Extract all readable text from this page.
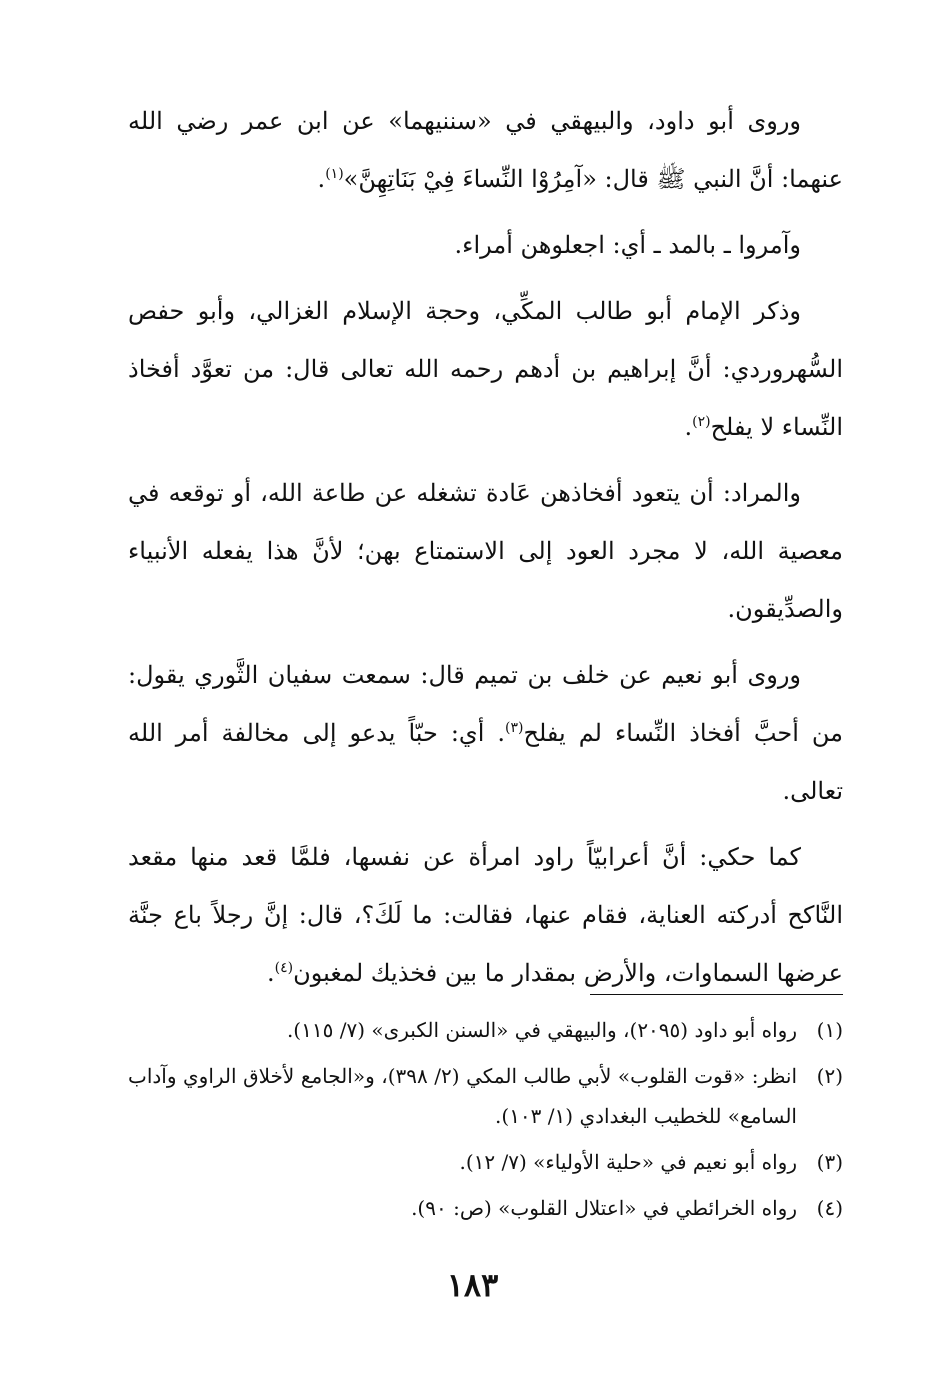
وروى أبو داود، والبيهقي في «سننيهما» عن ابن عمر رضي الله عنهما: أنَّ النبي ﷺ قال: «آمِرُوْا النِّساءَ فِيْ بَنَاتِهِنَّ»$^{(١)}$.

وآمروا ـ بالمد ـ أي: اجعلوهن أمراء.

وذكر الإمام أبو طالب المكِّي، وحجة الإسلام الغزالي، وأبو حفص السُّهروردي: أنَّ إبراهيم بن أدهم رحمه الله تعالى قال: من تعوَّد أفخاذ النِّساء لا يفلح$^{(٢)}$.

والمراد: أن يتعود أفخاذهن عَادة تشغله عن طاعة الله، أو توقعه في معصية الله، لا مجرد العود إلى الاستمتاع بهن؛ لأنَّ هذا يفعله الأنبياء والصدِّيقون.

وروى أبو نعيم عن خلف بن تميم قال: سمعت سفيان الثَّوري يقول: من أحبَّ أفخاذ النِّساء لم يفلح$^{(٣)}$. أي: حبّاً يدعو إلى مخالفة أمر الله تعالى.

كما حكي: أنَّ أعرابيّاً راود امرأة عن نفسها، فلمَّا قعد منها مقعد النَّاكح أدركته العناية، فقام عنها، فقالت: ما لَكَ؟، قال: إنَّ رجلاً باع جنَّة عرضها السماوات، والأرض بمقدار ما بين فخذيك لمغبون$^{(٤)}$.

(١)
رواه أبو داود (٢٠٩٥)، والبيهقي في «السنن الكبرى» (٧/ ١١٥).
(٢)
انظر: «قوت القلوب» لأبي طالب المكي (٢/ ٣٩٨)، و«الجامع لأخلاق الراوي وآداب السامع» للخطيب البغدادي (١/ ١٠٣).
(٣)
رواه أبو نعيم في «حلية الأولياء» (٧/ ١٢).
(٤)
رواه الخرائطي في «اعتلال القلوب» (ص: ٩٠).
١٨٣
